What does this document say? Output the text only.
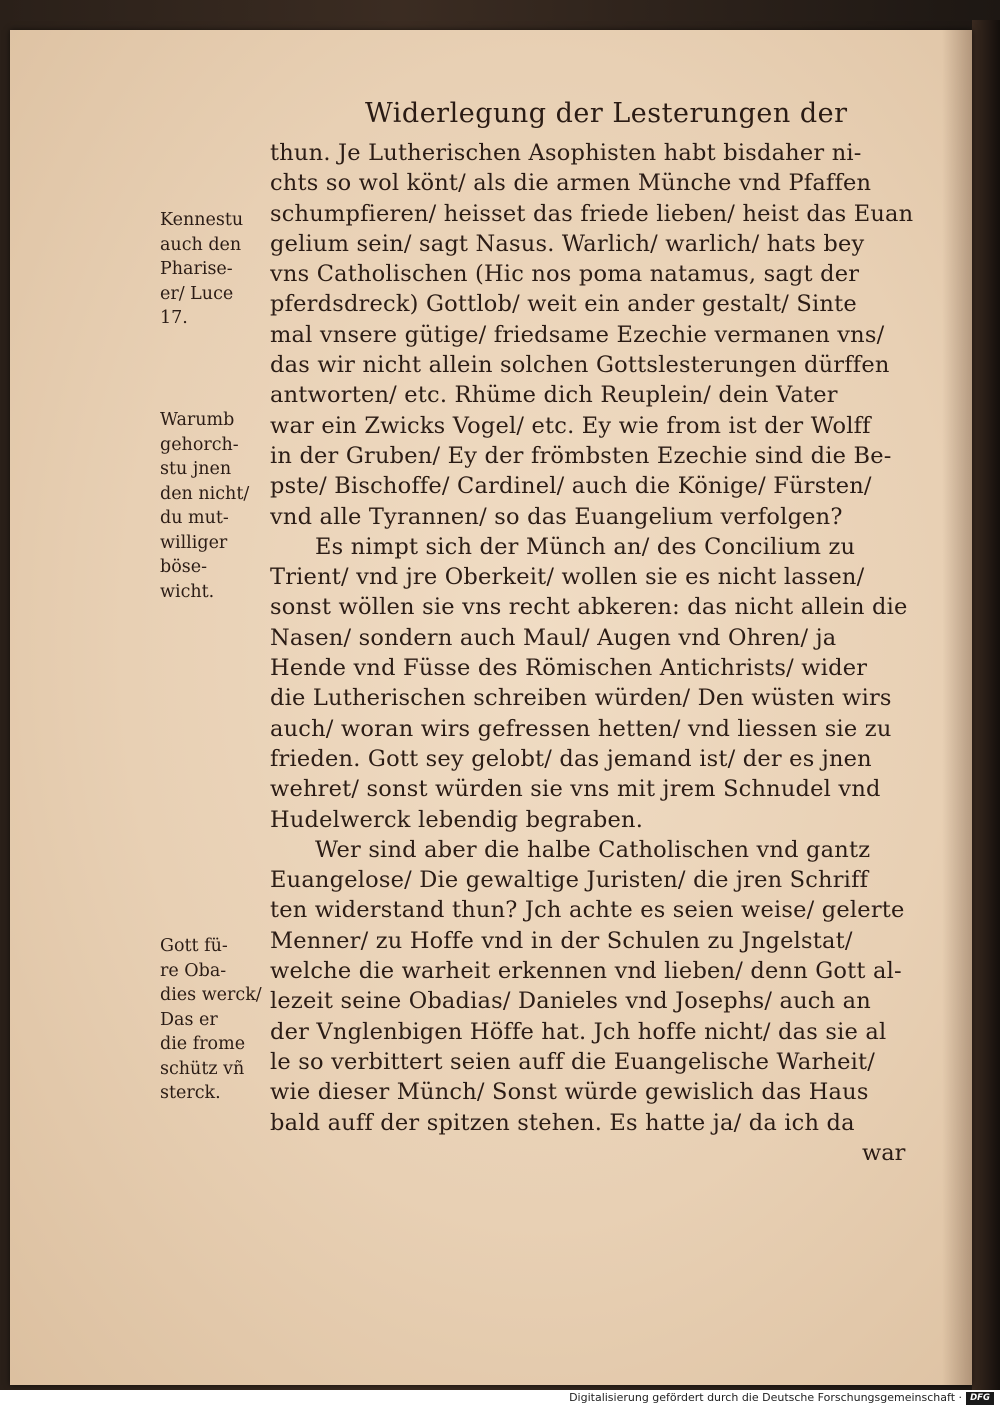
Widerlegung der Lesterungen der
thun. Je Lutherischen Asophisten habt bisdaher ni-
chts so wol könt/ als die armen Münche vnd Pfaffen
schumpfieren/ heisset das friede lieben/ heist das Euan
gelium sein/ sagt Nasus. Warlich/ warlich/ hats bey
vns Catholischen (Hic nos poma natamus, sagt der
pferdsdreck) Gottlob/ weit ein ander gestalt/ Sinte
mal vnsere gütige/ friedsame Ezechie vermanen vns/
das wir nicht allein solchen Gottslesterungen dürffen
antworten/ etc. Rhüme dich Reuplein/ dein Vater
war ein Zwicks Vogel/ etc. Ey wie from ist der Wolff
in der Gruben/ Ey der frömbsten Ezechie sind die Be-
pste/ Bischoffe/ Cardinel/ auch die Könige/ Fürsten/
vnd alle Tyrannen/ so das Euangelium verfolgen?
Es nimpt sich der Münch an/ des Concilium zu
Trient/ vnd jre Oberkeit/ wollen sie es nicht lassen/
sonst wöllen sie vns recht abkeren: das nicht allein die
Nasen/ sondern auch Maul/ Augen vnd Ohren/ ja
Hende vnd Füsse des Römischen Antichrists/ wider
die Lutherischen schreiben würden/ Den wüsten wirs
auch/ woran wirs gefressen hetten/ vnd liessen sie zu
frieden. Gott sey gelobt/ das jemand ist/ der es jnen
wehret/ sonst würden sie vns mit jrem Schnudel vnd
Hudelwerck lebendig begraben.
Wer sind aber die halbe Catholischen vnd gantz
Euangelose/ Die gewaltige Juristen/ die jren Schriff
ten widerstand thun? Jch achte es seien weise/ gelerte
Menner/ zu Hoffe vnd in der Schulen zu Jngelstat/
welche die warheit erkennen vnd lieben/ denn Gott al-
lezeit seine Obadias/ Danieles vnd Josephs/ auch an
der Vnglenbigen Höffe hat. Jch hoffe nicht/ das sie al
le so verbittert seien auff die Euangelische Warheit/
wie dieser Münch/ Sonst würde gewislich das Haus
bald auff der spitzen stehen. Es hatte ja/ da ich da
war
Kennestu
auch den
Pharise-
er/ Luce
17.
Warumb
gehorch-
stu jnen
den nicht/
du mut-
williger
böse-
wicht.
Gott fü-
re Oba-
dies werck/
Das er
die frome
schütz vñ
sterck.
Digitalisierung gefördert durch die Deutsche Forschungsgemeinschaft · DFG
